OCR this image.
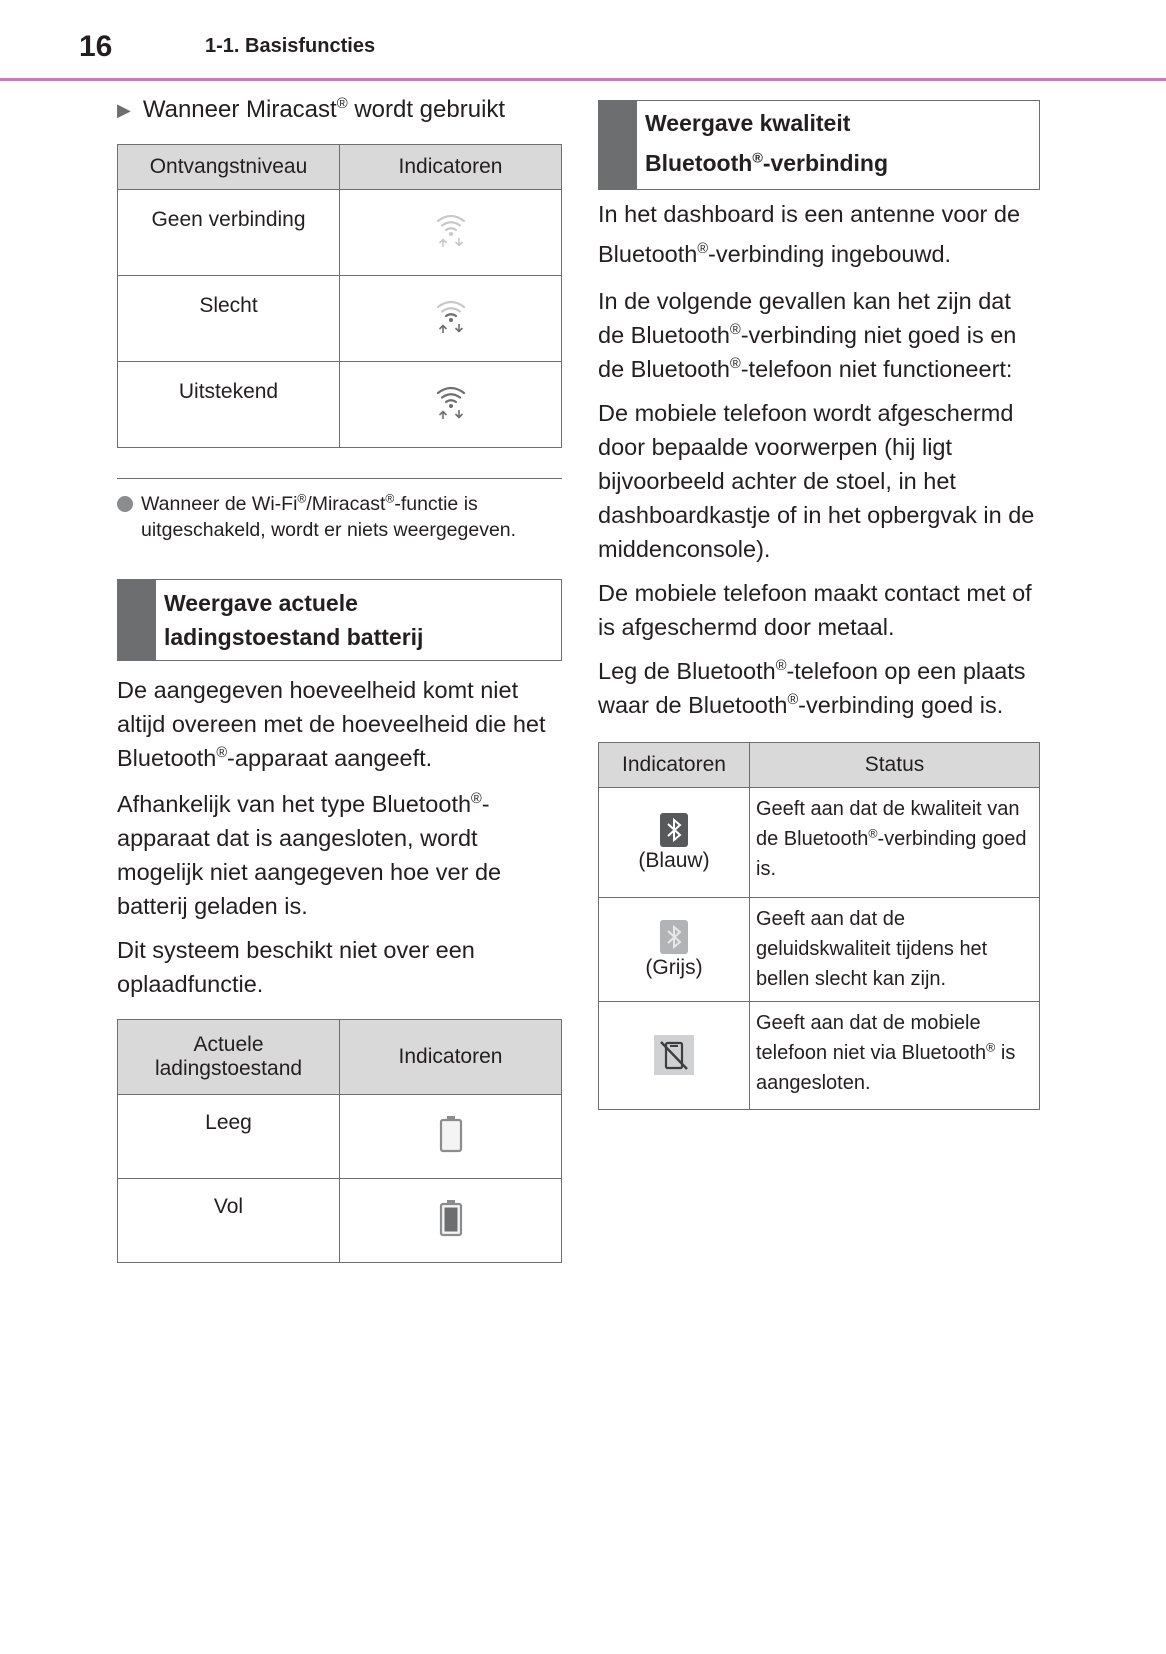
16	1-1. Basisfuncties
▶ Wanneer Miracast® wordt gebruikt
Ontvangstniveau	Indicatoren
Geen verbinding	
Slecht	
Uitstekend	
Wanneer de Wi-Fi®/Miracast®-functie is uitgeschakeld, wordt er niets weergegeven.
Weergave actuele
ladingstoestand batterij

De aangegeven hoeveelheid komt niet altijd overeen met de hoeveelheid die het Bluetooth®-apparaat aangeeft.

Afhankelijk van het type Bluetooth®-apparaat dat is aangesloten, wordt mogelijk niet aangegeven hoe ver de batterij geladen is.

Dit systeem beschikt niet over een oplaadfunctie.

Actuele
ladingstoestand	Indicatoren
Leeg	
Vol	
Weergave kwaliteit
Bluetooth®-verbinding

In het dashboard is een antenne voor de Bluetooth®-verbinding ingebouwd.

In de volgende gevallen kan het zijn dat de Bluetooth®-verbinding niet goed is en de Bluetooth®-telefoon niet functioneert:

De mobiele telefoon wordt afgeschermd door bepaalde voorwerpen (hij ligt bijvoorbeeld achter de stoel, in het dashboardkastje of in het opbergvak in de middenconsole).

De mobiele telefoon maakt contact met of is afgeschermd door metaal.

Leg de Bluetooth®-telefoon op een plaats waar de Bluetooth®-verbinding goed is.

Indicatoren	Status

(Blauw)	Geeft aan dat de kwaliteit van de Bluetooth®-verbinding goed is.

(Grijs)	Geeft aan dat de geluidskwaliteit tijdens het bellen slecht kan zijn.

	Geeft aan dat de mobiele telefoon niet via Bluetooth® is aangesloten.
